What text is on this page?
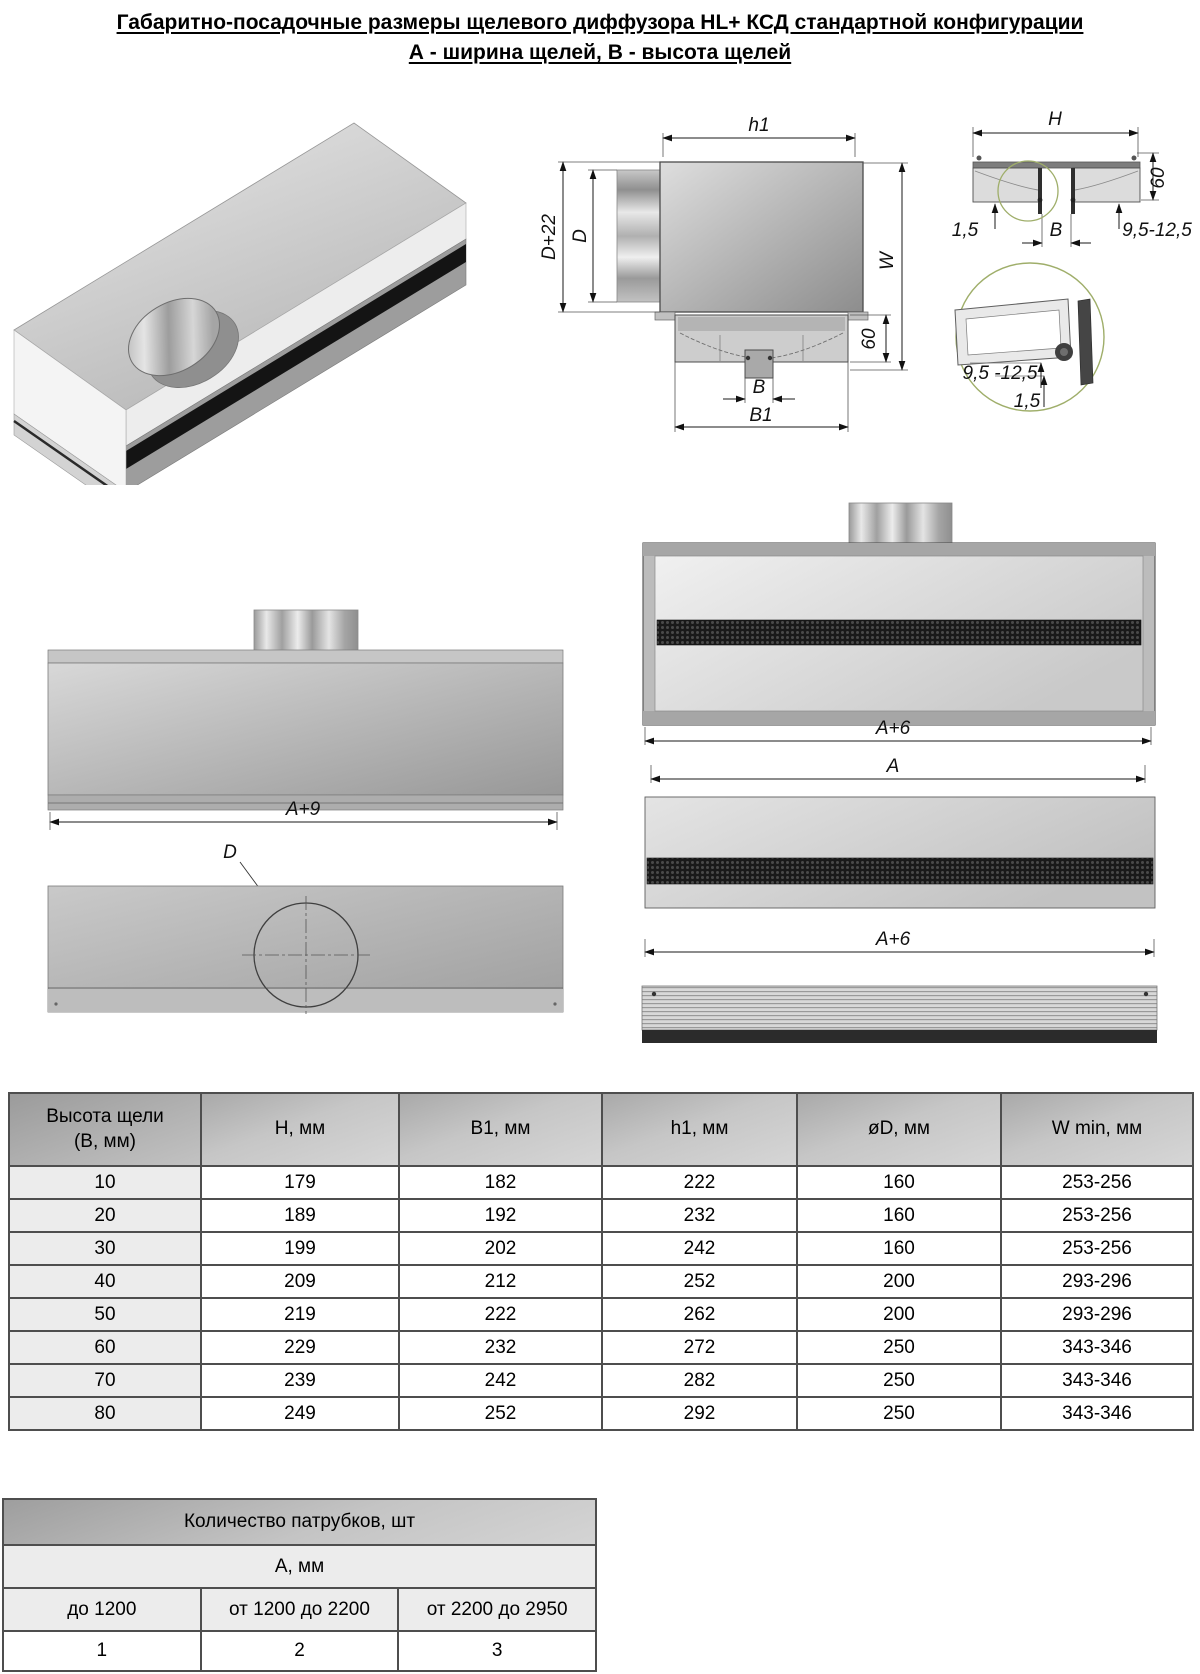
Габаритно-посадочные размеры щелевого диффузора HL+ КСД стандартной конфигурации
А - ширина щелей, В - высота щелей
h1
D+22 D
W
60
B
B1
H
60
1,5	B	9,5-12,5
9,5 -12,5
1,5
A+9
D
A+6
A
A+6
Высота щели
(В, мм)	H, мм	B1, мм	h1, мм	øD, мм	W min, мм
10	179	182	222	160	253-256
20	189	192	232	160	253-256
30	199	202	242	160	253-256
40	209	212	252	200	293-296
50	219	222	262	200	293-296
60	229	232	272	250	343-346
70	239	242	282	250	343-346
80	249	252	292	250	343-346
Количество патрубков, шт		
А, мм		
до 1200	от 1200 до 2200	от 2200 до 2950
1	2	3
